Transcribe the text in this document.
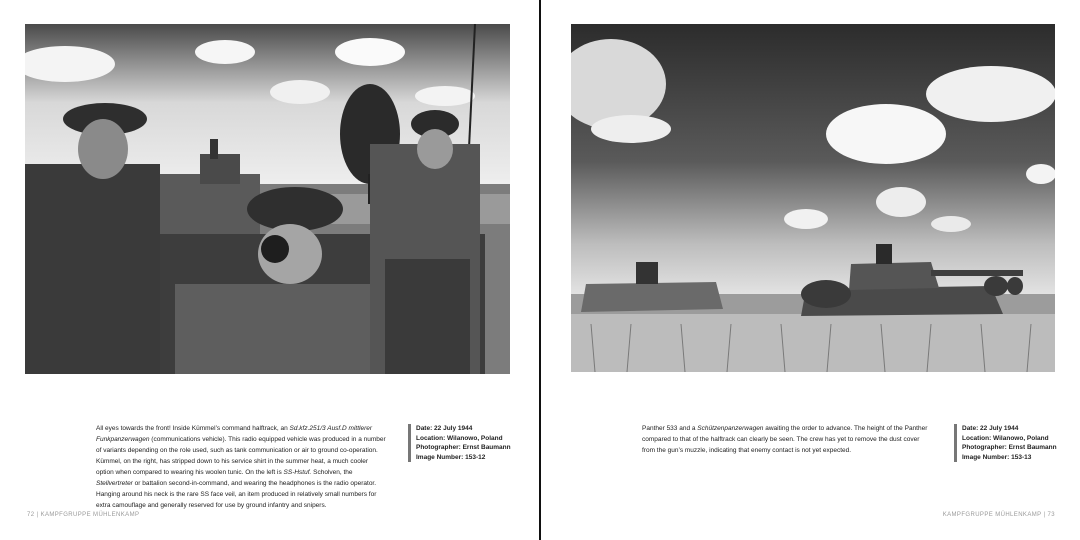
All eyes towards the front! Inside Kümmel’s command halftrack, an Sd.kfz.251/3 Ausf.D mittlerer Funkpanzerwagen (communications vehicle). This radio equipped vehicle was produced in a number of variants depending on the role used, such as tank communication or air to ground co-operation. Kümmel, on the right, has stripped down to his service shirt in the summer heat, a much cooler option when compared to wearing his woolen tunic. On the left is SS-Hstuf. Scholven, the Stellvertreter or battalion second-in-command, and wearing the headphones is the radio operator. Hanging around his neck is the rare SS face veil, an item produced in relatively small numbers for extra camouflage and generally reserved for use by ground infantry and snipers.
Date: 22 July 1944
Location: Wilanowo, Poland
Photographer: Ernst Baumann
Image Number: 153-12
72 | KAMPFGRUPPE MÜHLENKAMP
Panther 533 and a Schützenpanzerwagen awaiting the order to advance. The height of the Panther compared to that of the halftrack can clearly be seen. The crew has yet to remove the dust cover from the gun’s muzzle, indicating that enemy contact is not yet expected.
Date: 22 July 1944
Location: Wilanowo, Poland
Photographer: Ernst Baumann
Image Number: 153-13
KAMPFGRUPPE MÜHLENKAMP | 73
